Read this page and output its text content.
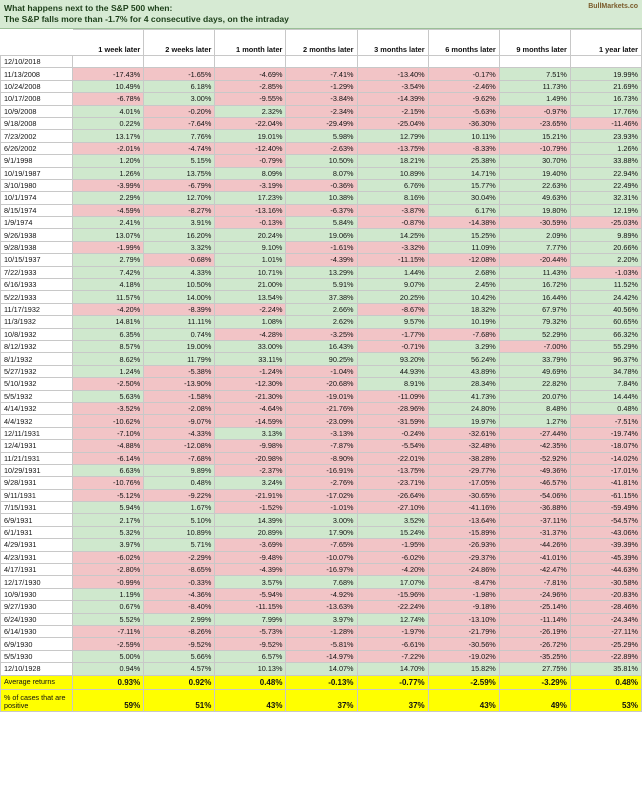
What happens next to the S&P 500 when:
The S&P falls more than -1.7% for 4 consecutive days, on the intraday
BullMarkets.co
	1 week later	2 weeks later	1 month later	2 months later	3 months later	6 months later	9 months later	1 year later
12/10/2018								
11/13/2008	-17.43%	-1.65%	-4.69%	-7.41%	-13.40%	-0.17%	7.51%	19.99%
10/24/2008	10.49%	6.18%	-2.85%	-1.29%	-3.54%	-2.46%	11.73%	21.69%
10/17/2008	-6.78%	3.00%	-9.55%	-3.84%	-14.39%	-9.62%	1.49%	16.73%
10/9/2008	4.01%	-0.20%	2.32%	-2.34%	-2.15%	-5.63%	-0.97%	17.76%
9/18/2008	0.22%	-7.64%	-22.04%	-29.49%	-25.04%	-36.30%	-23.65%	-11.46%
7/23/2002	13.17%	7.76%	19.01%	5.98%	12.79%	10.11%	15.21%	23.93%
6/26/2002	-2.01%	-4.74%	-12.40%	-2.63%	-13.75%	-8.33%	-10.79%	1.26%
9/1/1998	1.20%	5.15%	-0.79%	10.50%	18.21%	25.38%	30.70%	33.88%
10/19/1987	1.26%	13.75%	8.09%	8.07%	10.89%	14.71%	19.40%	22.94%
3/10/1980	-3.99%	-6.79%	-3.19%	-0.36%	6.76%	15.77%	22.63%	22.49%
10/1/1974	2.29%	12.70%	17.23%	10.38%	8.16%	30.04%	49.63%	32.31%
8/15/1974	-4.59%	-8.27%	-13.16%	-6.37%	-3.87%	6.17%	19.80%	12.19%
1/9/1974	2.41%	3.91%	-0.13%	5.84%	-0.87%	-14.38%	-30.59%	-25.03%
9/26/1938	13.07%	16.20%	20.24%	19.06%	14.25%	15.25%	2.09%	9.89%
9/28/1938	-1.99%	3.32%	9.10%	-1.61%	-3.32%	11.09%	7.77%	20.66%
10/15/1937	2.79%	-0.68%	1.01%	-4.39%	-11.15%	-12.08%	-20.44%	2.20%
7/22/1933	7.42%	4.33%	10.71%	13.29%	1.44%	2.68%	11.43%	-1.03%
6/16/1933	4.18%	10.50%	21.00%	5.91%	9.07%	2.45%	16.72%	11.52%
5/22/1933	11.57%	14.00%	13.54%	37.38%	20.25%	10.42%	16.44%	24.42%
11/17/1932	-4.20%	-8.39%	-2.24%	2.66%	-8.67%	18.32%	67.97%	40.56%
11/3/1932	14.81%	11.11%	1.08%	2.62%	9.57%	10.19%	79.32%	60.65%
10/8/1932	6.35%	0.74%	-4.28%	-3.25%	-1.77%	-7.68%	52.29%	66.32%
8/12/1932	8.57%	19.00%	33.00%	16.43%	-0.71%	3.29%	-7.00%	55.29%
8/1/1932	8.62%	11.79%	33.11%	90.25%	93.20%	56.24%	33.79%	96.37%
5/27/1932	1.24%	-5.38%	-1.24%	-1.04%	44.93%	43.89%	49.69%	34.78%
5/10/1932	-2.50%	-13.90%	-12.30%	-20.68%	8.91%	28.34%	22.82%	7.84%
5/5/1932	5.63%	-1.58%	-21.30%	-19.01%	-11.09%	41.73%	20.07%	14.44%
4/14/1932	-3.52%	-2.08%	-4.64%	-21.76%	-28.96%	24.80%	8.48%	0.48%
4/4/1932	-10.62%	-9.07%	-14.59%	-23.09%	-31.59%	19.97%	1.27%	-7.51%
12/11/1931	-7.10%	-4.33%	3.13%	-3.13%	-0.24%	-32.61%	-27.44%	-19.74%
12/4/1931	-4.88%	-12.08%	-9.98%	-7.87%	-5.54%	-32.48%	-42.35%	-18.07%
11/21/1931	-6.14%	-7.68%	-20.98%	-8.90%	-22.01%	-38.28%	-52.92%	-14.02%
10/29/1931	6.63%	9.89%	-2.37%	-16.91%	-13.75%	-29.77%	-49.36%	-17.01%
9/28/1931	-10.76%	0.48%	3.24%	-2.76%	-23.71%	-17.05%	-46.57%	-41.81%
9/11/1931	-5.12%	-9.22%	-21.91%	-17.02%	-26.64%	-30.65%	-54.06%	-61.15%
7/15/1931	5.94%	1.67%	-1.52%	-1.01%	-27.10%	-41.16%	-36.88%	-59.49%
6/9/1931	2.17%	5.10%	14.39%	3.00%	3.52%	-13.64%	-37.11%	-54.57%
6/1/1931	5.32%	10.89%	20.89%	17.90%	15.24%	-15.89%	-31.37%	-43.06%
4/29/1931	3.97%	5.71%	-3.69%	-7.65%	-1.95%	-26.93%	-44.26%	-39.39%
4/23/1931	-6.02%	-2.29%	-9.48%	-10.07%	-6.02%	-29.37%	-41.01%	-45.39%
4/17/1931	-2.80%	-8.65%	-4.39%	-16.97%	-4.20%	-24.86%	-42.47%	-44.63%
12/17/1930	-0.99%	-0.33%	3.57%	7.68%	17.07%	-8.47%	-7.81%	-30.58%
10/9/1930	1.19%	-4.36%	-5.94%	-4.92%	-15.96%	-1.98%	-24.96%	-20.83%
9/27/1930	0.67%	-8.40%	-11.15%	-13.63%	-22.24%	-9.18%	-25.14%	-28.46%
6/24/1930	5.52%	2.99%	7.99%	3.97%	12.74%	-13.10%	-11.14%	-24.34%
6/14/1930	-7.11%	-8.26%	-5.73%	-1.28%	-1.97%	-21.79%	-26.19%	-27.11%
6/9/1930	-2.59%	-9.52%	-9.52%	-5.81%	-6.61%	-30.56%	-26.72%	-25.29%
5/5/1930	5.00%	5.66%	6.57%	-14.97%	-7.22%	-19.02%	-35.25%	-22.89%
12/10/1928	0.94%	4.57%	10.13%	14.07%	14.70%	15.82%	27.75%	35.81%
Average returns	0.93%	0.92%	0.48%	-0.13%	-0.77%	-2.59%	-3.29%	0.48%
% of cases that are positive	59%	51%	43%	37%	37%	43%	49%	53%
